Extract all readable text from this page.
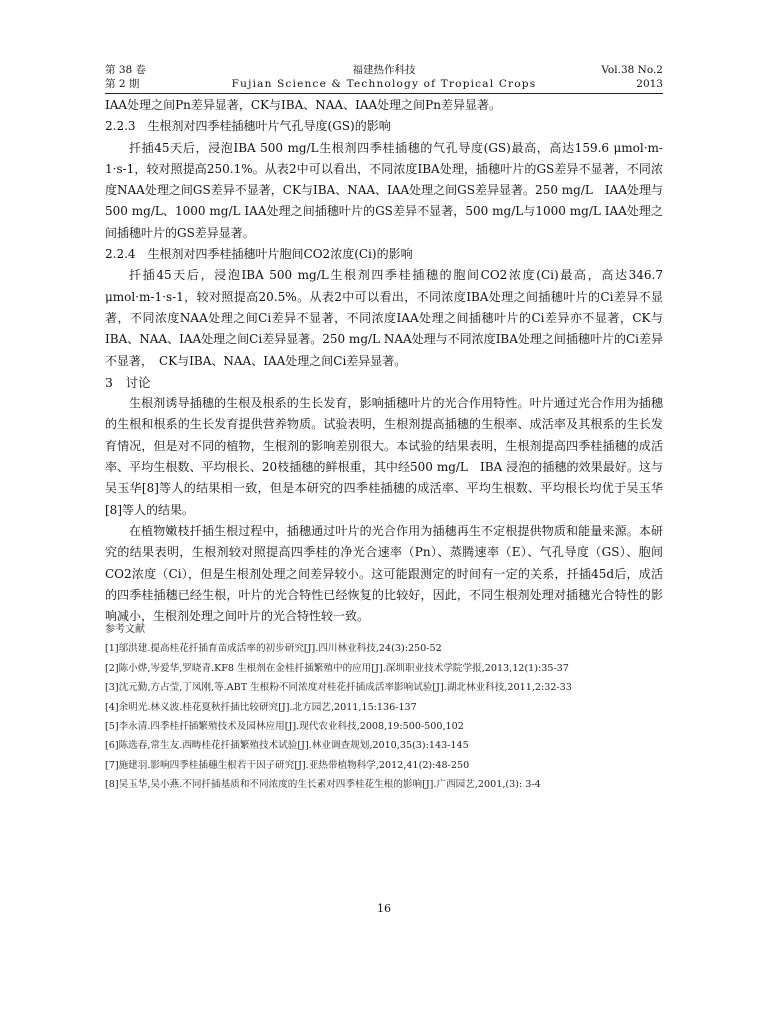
第 38 卷	福建热作科技	Vol.38 No.2
第 2 期	Fujian Science & Technology of Tropical Crops	2013

IAA处理之间Pn差异显著，CK与IBA、NAA、IAA处理之间Pn差异显著。

2.2.3　生根剂对四季桂插穗叶片气孔导度(GS)的影响

扦插45天后，浸泡IBA 500 mg/L生根剂四季桂插穗的气孔导度(GS)最高，高达159.6 μmol·m-1·s-1，较对照提高250.1%。从表2中可以看出，不同浓度IBA处理，插穗叶片的GS差异不显著，不同浓度NAA处理之间GS差异不显著，CK与IBA、NAA、IAA处理之间GS差异显著。250 mg/L　IAA处理与500 mg/L、1000 mg/L IAA处理之间插穗叶片的GS差异不显著，500 mg/L与1000 mg/L IAA处理之间插穗叶片的GS差异显著。

2.2.4　生根剂对四季桂插穗叶片胞间CO2浓度(Ci)的影响

扦插45天后，浸泡IBA 500 mg/L生根剂四季桂插穗的胞间CO2浓度(Ci)最高，高达346.7 μmol·m-1·s-1，较对照提高20.5%。从表2中可以看出，不同浓度IBA处理之间插穗叶片的Ci差异不显著，不同浓度NAA处理之间Ci差异不显著，不同浓度IAA处理之间插穗叶片的Ci差异亦不显著，CK与IBA、NAA、IAA处理之间Ci差异显著。250 mg/L NAA处理与不同浓度IBA处理之间插穗叶片的Ci差异不显著，　CK与IBA、NAA、IAA处理之间Ci差异显著。

3　讨论

生根剂诱导插穗的生根及根系的生长发育，影响插穗叶片的光合作用特性。叶片通过光合作用为插穗的生根和根系的生长发育提供营养物质。试验表明，生根剂提高插穗的生根率、成活率及其根系的生长发育情况，但是对不同的植物，生根剂的影响差别很大。本试验的结果表明，生根剂提高四季桂插穗的成活率、平均生根数、平均根长、20枝插穗的鲜根重，其中经500 mg/L　IBA 浸泡的插穗的效果最好。这与吴玉华[8]等人的结果相一致，但是本研究的四季桂插穗的成活率、平均生根数、平均根长均优于吴玉华[8]等人的结果。

在植物嫩枝扦插生根过程中，插穗通过叶片的光合作用为插穗再生不定根提供物质和能量来源。本研究的结果表明，生根剂较对照提高四季桂的净光合速率（Pn）、蒸腾速率（E）、气孔导度（GS）、胞间CO2浓度（Ci），但是生根剂处理之间差异较小。这可能跟测定的时间有一定的关系，扦插45d后，成活的四季桂插穗已经生根，叶片的光合特性已经恢复的比较好，因此，不同生根剂处理对插穗光合特性的影响减小，生根剂处理之间叶片的光合特性较一致。

参考文献
[1]邬洪建.提高桂花扦插育苗成活率的初步研究[J].四川林业科技,24(3):250-52
[2]陈小烨,岑爱华,罗晓青.KF8 生根剂在金桂扦插繁殖中的应用[J].深圳职业技术学院学报,2013,12(1):35-37
[3]沈元勤,方占莹,丁凤刚,等.ABT 生根粉不同浓度对桂花扦插成活率影响试验[J].湖北林业科技,2011,2:32-33
[4]余明光.林义波.桂花夏秋扦插比较研究[J].北方园艺,2011,15:136-137
[5]李永清.四季桂扦插繁殖技术及园林应用[J].现代农业科技,2008,19:500-500,102
[6]陈选春,常生友.西畴桂花扦插繁殖技术试验[J].林业调查规划,2010,35(3):143-145
[7]施建羽.影响四季桂插穗生根若干因子研究[J].亚热带植物科学,2012,41(2):48-250
[8]吴玉华,吴小燕.不同扦插基质和不同浓度的生长素对四季桂花生根的影响[J].广西园艺,2001,(3): 3-4
16
